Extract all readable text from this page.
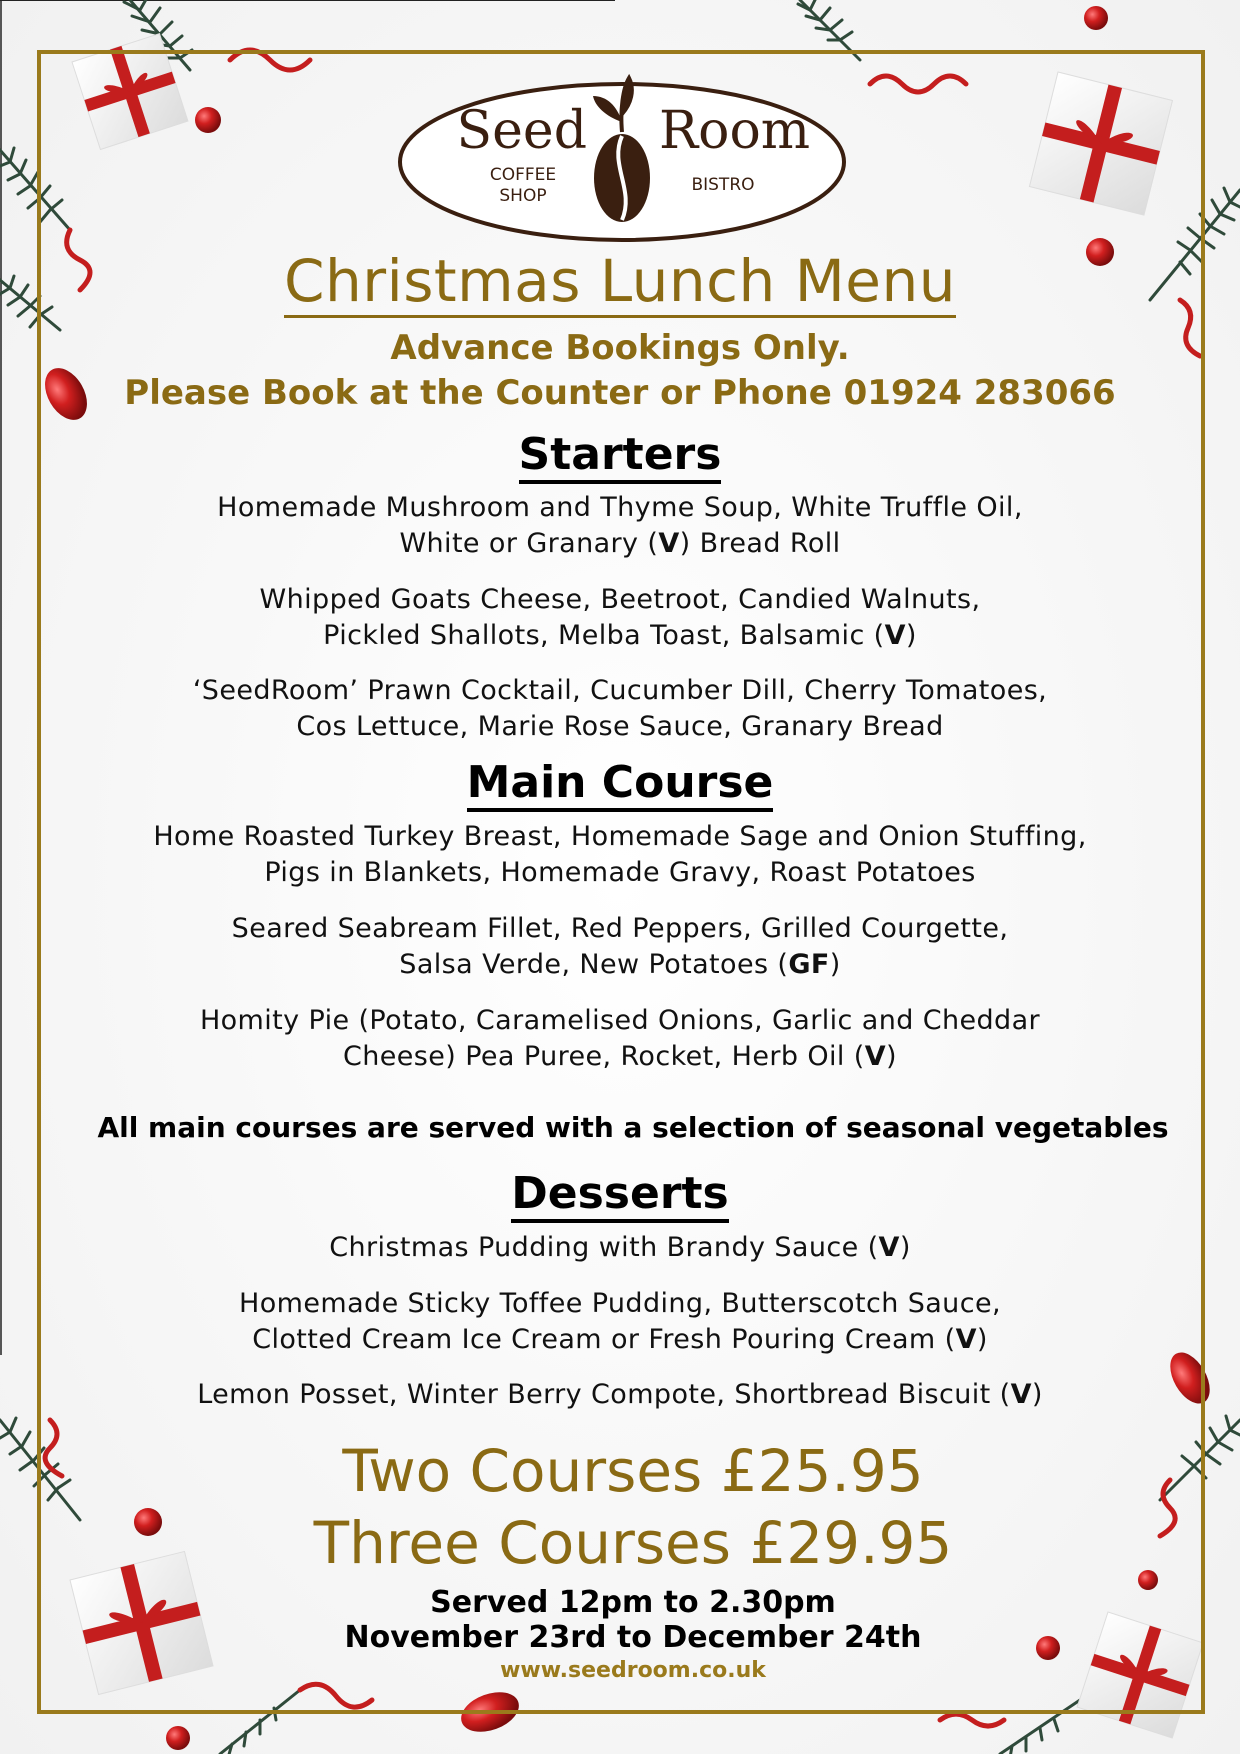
Seed Room
COFFEE
SHOP
BISTRO
Christmas Lunch Menu
Advance Bookings Only.
Please Book at the Counter or Phone 01924 283066
Starters
Homemade Mushroom and Thyme Soup, White Truffle Oil,
White or Granary (V) Bread Roll
Whipped Goats Cheese, Beetroot, Candied Walnuts,
Pickled Shallots, Melba Toast, Balsamic (V)
‘SeedRoom’ Prawn Cocktail, Cucumber Dill, Cherry Tomatoes,
Cos Lettuce, Marie Rose Sauce, Granary Bread
Main Course
Home Roasted Turkey Breast, Homemade Sage and Onion Stuffing,
Pigs in Blankets, Homemade Gravy, Roast Potatoes
Seared Seabream Fillet, Red Peppers, Grilled Courgette,
Salsa Verde, New Potatoes (GF)
Homity Pie (Potato, Caramelised Onions, Garlic and Cheddar
Cheese) Pea Puree, Rocket, Herb Oil (V)
All main courses are served with a selection of seasonal vegetables
Desserts
Christmas Pudding with Brandy Sauce (V)
Homemade Sticky Toffee Pudding, Butterscotch Sauce,
Clotted Cream Ice Cream or Fresh Pouring Cream (V)
Lemon Posset, Winter Berry Compote, Shortbread Biscuit (V)
Two Courses £25.95
Three Courses £29.95
Served 12pm to 2.30pm
November 23rd to December 24th
www.seedroom.co.uk
